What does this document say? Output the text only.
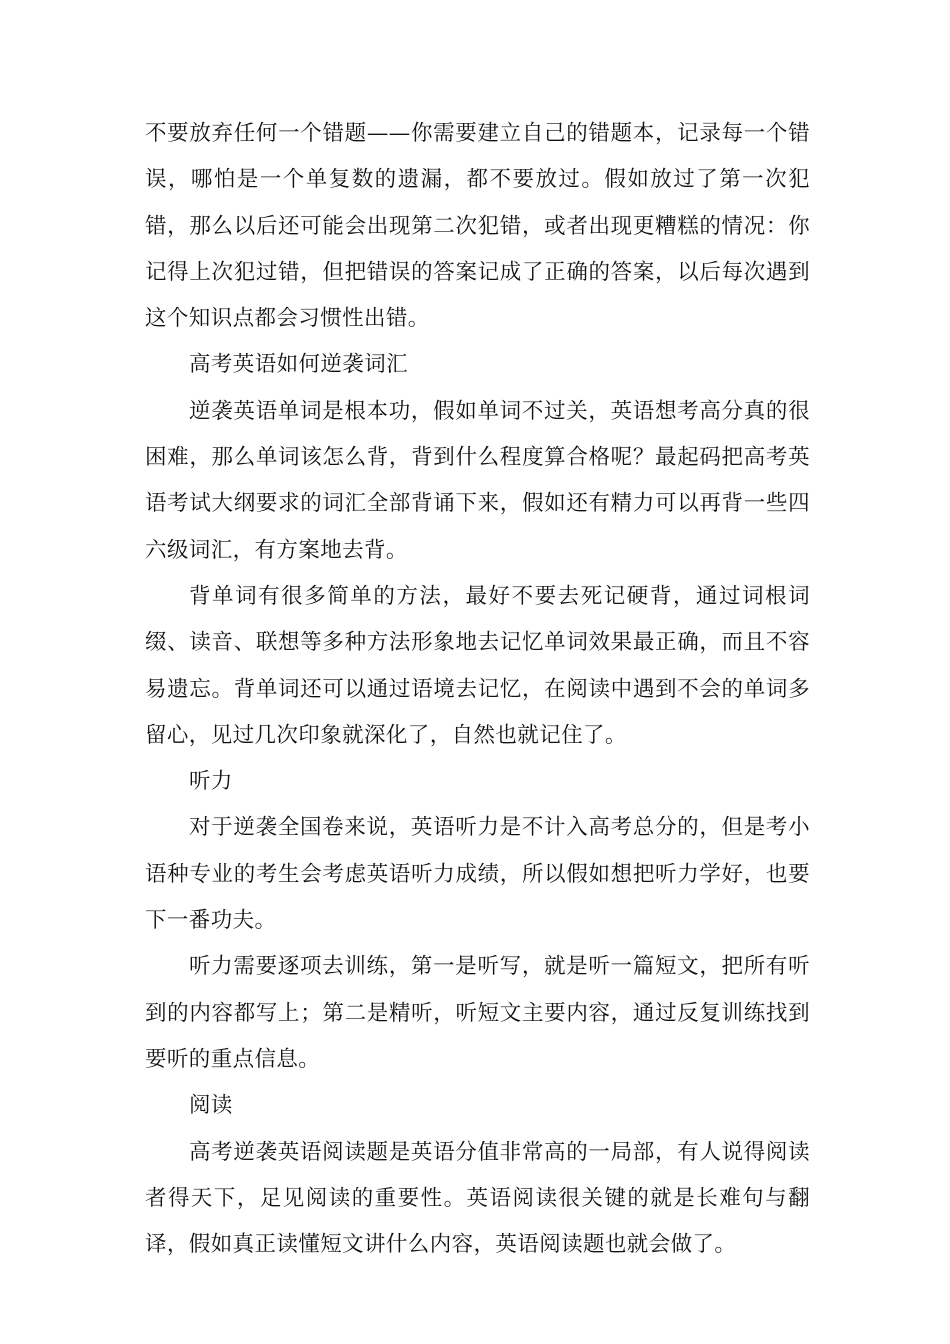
不要放弃任何一个错题——你需要建立自己的错题本，记录每一个错误，哪怕是一个单复数的遗漏，都不要放过。假如放过了第一次犯错，那么以后还可能会出现第二次犯错，或者出现更糟糕的情况：你记得上次犯过错，但把错误的答案记成了正确的答案，以后每次遇到这个知识点都会习惯性出错。

高考英语如何逆袭词汇

逆袭英语单词是根本功，假如单词不过关，英语想考高分真的很困难，那么单词该怎么背，背到什么程度算合格呢？最起码把高考英语考试大纲要求的词汇全部背诵下来，假如还有精力可以再背一些四六级词汇，有方案地去背。

背单词有很多简单的方法，最好不要去死记硬背，通过词根词缀、读音、联想等多种方法形象地去记忆单词效果最正确，而且不容易遗忘。背单词还可以通过语境去记忆，在阅读中遇到不会的单词多留心，见过几次印象就深化了，自然也就记住了。

听力

对于逆袭全国卷来说，英语听力是不计入高考总分的，但是考小语种专业的考生会考虑英语听力成绩，所以假如想把听力学好，也要下一番功夫。

听力需要逐项去训练，第一是听写，就是听一篇短文，把所有听到的内容都写上；第二是精听，听短文主要内容，通过反复训练找到要听的重点信息。

阅读

高考逆袭英语阅读题是英语分值非常高的一局部，有人说得阅读者得天下，足见阅读的重要性。英语阅读很关键的就是长难句与翻译，假如真正读懂短文讲什么内容，英语阅读题也就会做了。
